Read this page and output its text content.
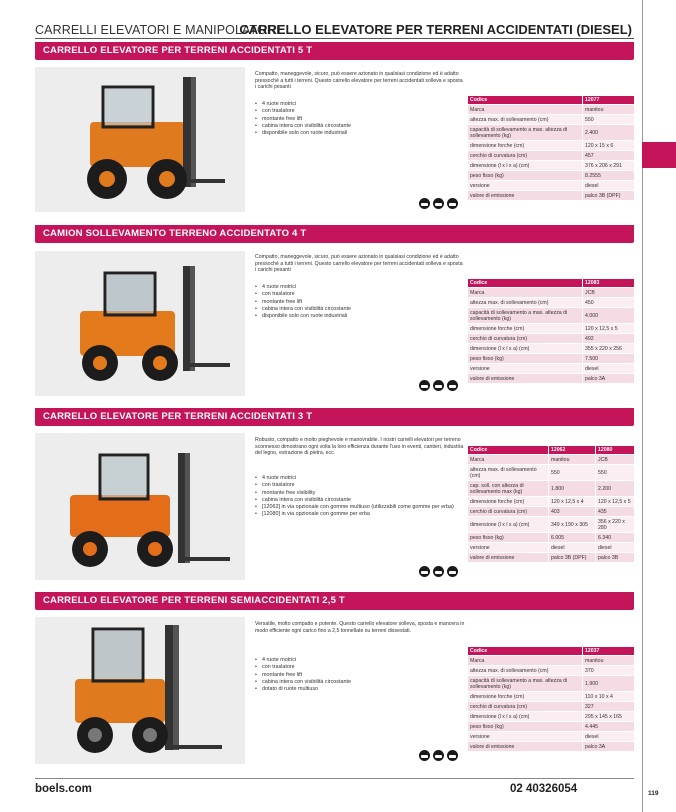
CARRELLI ELEVATORI E MANIPOLATORI
CARRELLO ELEVATORE PER TERRENI ACCIDENTATI (DIESEL)
CARRELLO ELEVATORE PER TERRENI ACCIDENTATI 5 T
Compatto, maneggevole, sicuro, può essere azionato in qualsiasi condizione ed è adatto pressoché a tutti i terreni. Questo carrello elevatore per terreni accidentati solleva e sposta i carichi pesanti
• 4 ruote motrici
• con traslatore
• montante free lift
• cabina intera con visibilità circostante
• disponibile solo con ruote industriali
Codice	12077
Marca	manitou
altezza max. di sollevamento (cm)	550
capacità di sollevamento a max. altezza di sollevamento (kg)	2.400
dimensione forche (cm)	120 x 15 x 6
cerchio di curvatura (cm)	457
dimensione (l x l x a) (cm)	376 x 206 x 291
peso fisso (kg)	8.2555
versione	diesel
valore di emissione	palco 3B (DPF)
CAMION SOLLEVAMENTO TERRENO ACCIDENTATO 4 T
Compatto, maneggevole, sicuro, può essere azionato in qualsiasi condizione ed è adatto pressoché a tutti i terreni. Questo carrello elevatore per terreni accidentati solleva e sposta i carichi pesanti
• 4 ruote motrici
• con traslatore
• montante free lift
• cabina intera con visibilità circostante
• disponibile solo con ruote industriali
Codice	12083
Marca	JCB
altezza max. di sollevamento (cm)	450
capacità di sollevamento a max. altezza di sollevamento (kg)	4.000
dimensione forche (cm)	120 x 12,5 x 5
cerchio di curvatura (cm)	492
dimensione (l x l x a) (cm)	355 x 220 x 256
peso fisso (kg)	7.500
versione	diesel
valore di emissione	palco 3A
CARRELLO ELEVATORE PER TERRENI ACCIDENTATI 3 T
Robusto, compatto e molto pieghevole e manovrabile. I nostri carrelli elevatori per terreno sconnesso dimostrano ogni volta la loro efficienza durante l'uso in eventi, cantieri, industria del legno, estrazione di pietra, ecc.
• 4 ruote motrici
• con traslatore
• montante free visibility
• cabina intera con visibilità circostante
• [12062] in via opzionale con gomme multiuso (utilizzabili come gomme per erba)
• [12080] in via opzionale con gomme per erba
Codice	12062	12080
Marca	manitou	JCB
altezza max. di sollevamento (cm)	550	550
cap. soll. con altezza di sollevamento max (kg)	1.800	2.200
dimensione forche (cm)	120 x 12,5 x 4	120 x 12,5 x 5
cerchio di curvatura (cm)	403	435
dimensione (l x l x a) (cm)	349 x 190 x 305	356 x 220 x 280
peso fisso (kg)	6.005	6.340
versione	diesel	diesel
valore di emissione	palco 3B (DPF)	palco 3B
CARRELLO ELEVATORE PER TERRENI SEMIACCIDENTATI 2,5 T
Versatile, molto compatto e potente. Questo carrello elevatore solleva, sposta e manovra in modo efficiente ogni carico fino a 2,5 tonnellate su terreni dissestati.
• 4 ruote motrici
• con traslatore
• montante free lift
• cabina intera con visibilità circostante
• dotato di ruote multiuso
Codice	12037
Marca	manitou
altezza max. di sollevamento (cm)	370
capacità di sollevamento a max. altezza di sollevamento (kg)	1.900
dimensione forche (cm)	110 x 10 x 4
cerchio di curvatura (cm)	327
dimensione (l x l x a) (cm)	295 x 145 x 165
peso fisso (kg)	4.445
versione	diesel
valore di emissione	palco 3A
boels.com	02 40326054	119
